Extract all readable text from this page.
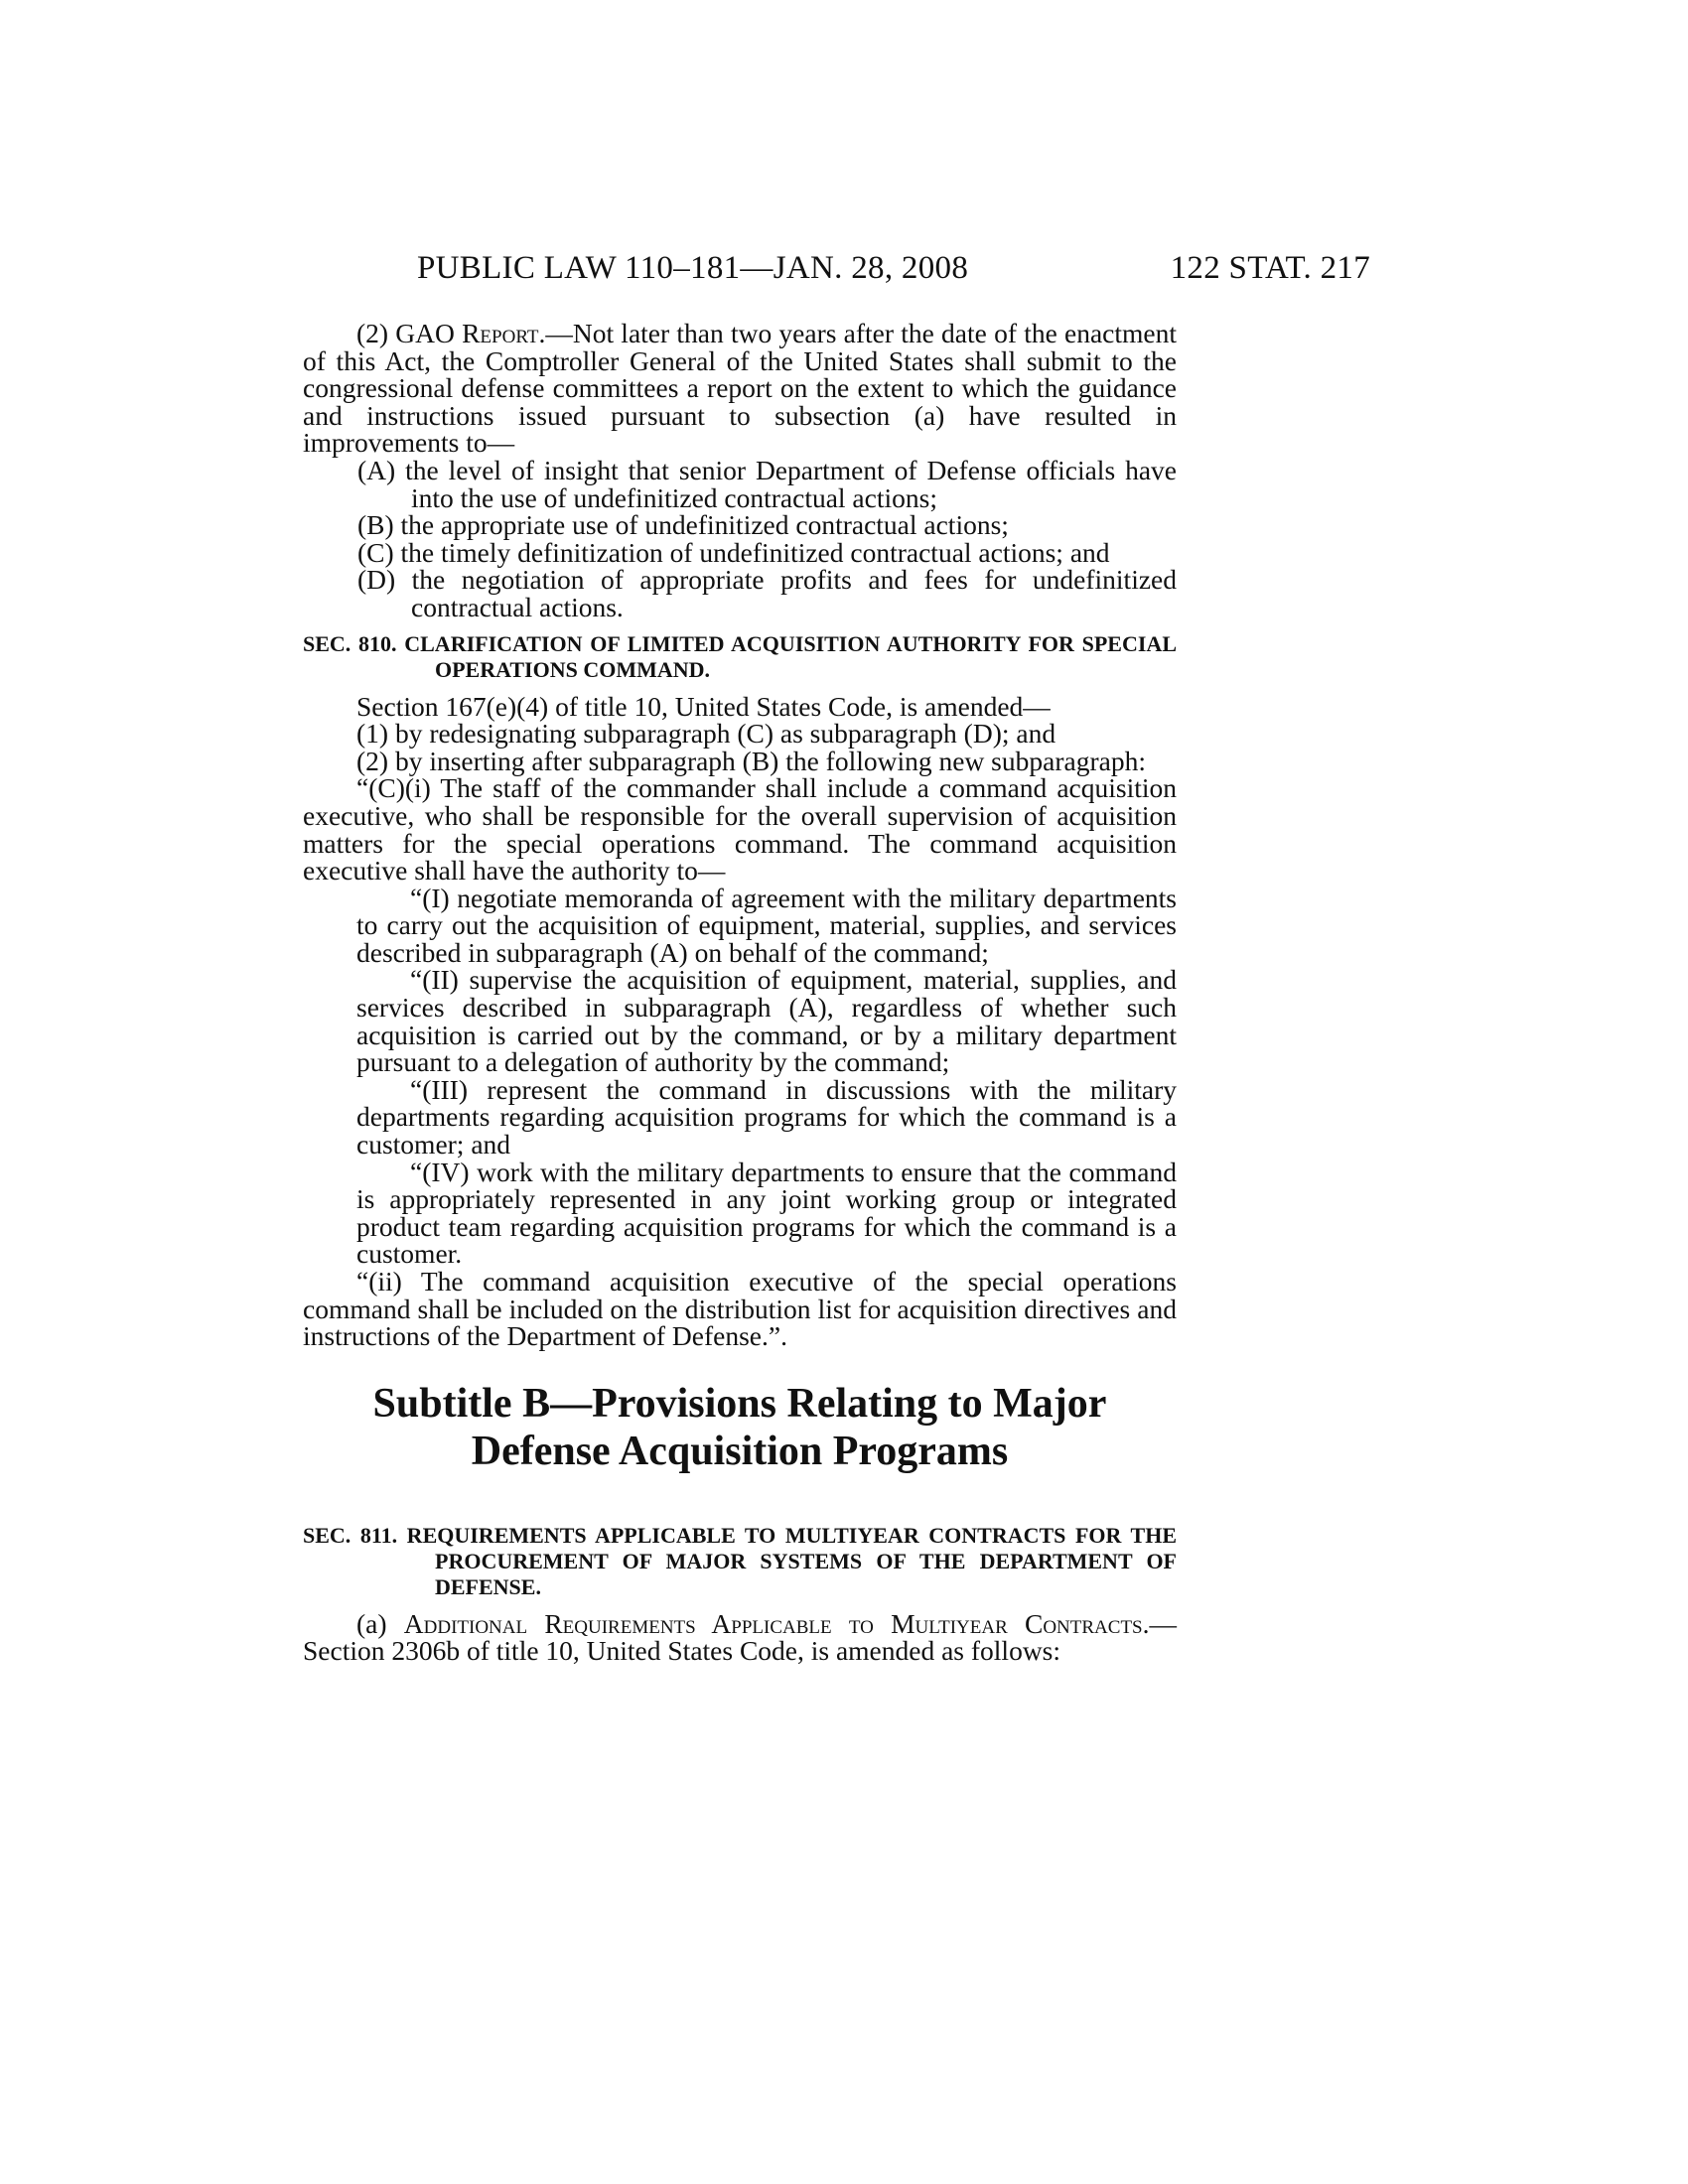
PUBLIC LAW 110–181—JAN. 28, 2008	122 STAT. 217

(2) GAO Report.—Not later than two years after the date of the enactment of this Act, the Comptroller General of the United States shall submit to the congressional defense committees a report on the extent to which the guidance and instructions issued pursuant to subsection (a) have resulted in improvements to—

(A) the level of insight that senior Department of Defense officials have into the use of undefinitized contractual actions;

(B) the appropriate use of undefinitized contractual actions;

(C) the timely definitization of undefinitized contractual actions; and

(D) the negotiation of appropriate profits and fees for undefinitized contractual actions.

SEC. 810. CLARIFICATION OF LIMITED ACQUISITION AUTHORITY FOR SPECIAL OPERATIONS COMMAND.

Section 167(e)(4) of title 10, United States Code, is amended—

(1) by redesignating subparagraph (C) as subparagraph (D); and

(2) by inserting after subparagraph (B) the following new subparagraph:

“(C)(i) The staff of the commander shall include a command acquisition executive, who shall be responsible for the overall supervision of acquisition matters for the special operations command. The command acquisition executive shall have the authority to—

“(I) negotiate memoranda of agreement with the military departments to carry out the acquisition of equipment, material, supplies, and services described in subparagraph (A) on behalf of the command;

“(II) supervise the acquisition of equipment, material, supplies, and services described in subparagraph (A), regardless of whether such acquisition is carried out by the command, or by a military department pursuant to a delegation of authority by the command;

“(III) represent the command in discussions with the military departments regarding acquisition programs for which the command is a customer; and

“(IV) work with the military departments to ensure that the command is appropriately represented in any joint working group or integrated product team regarding acquisition programs for which the command is a customer.

“(ii) The command acquisition executive of the special operations command shall be included on the distribution list for acquisition directives and instructions of the Department of Defense.”.

Subtitle B—Provisions Relating to Major
Defense Acquisition Programs
SEC. 811. REQUIREMENTS APPLICABLE TO MULTIYEAR CONTRACTS FOR THE PROCUREMENT OF MAJOR SYSTEMS OF THE DEPARTMENT OF DEFENSE.

(a) Additional Requirements Applicable to Multiyear Contracts.—Section 2306b of title 10, United States Code, is amended as follows:
